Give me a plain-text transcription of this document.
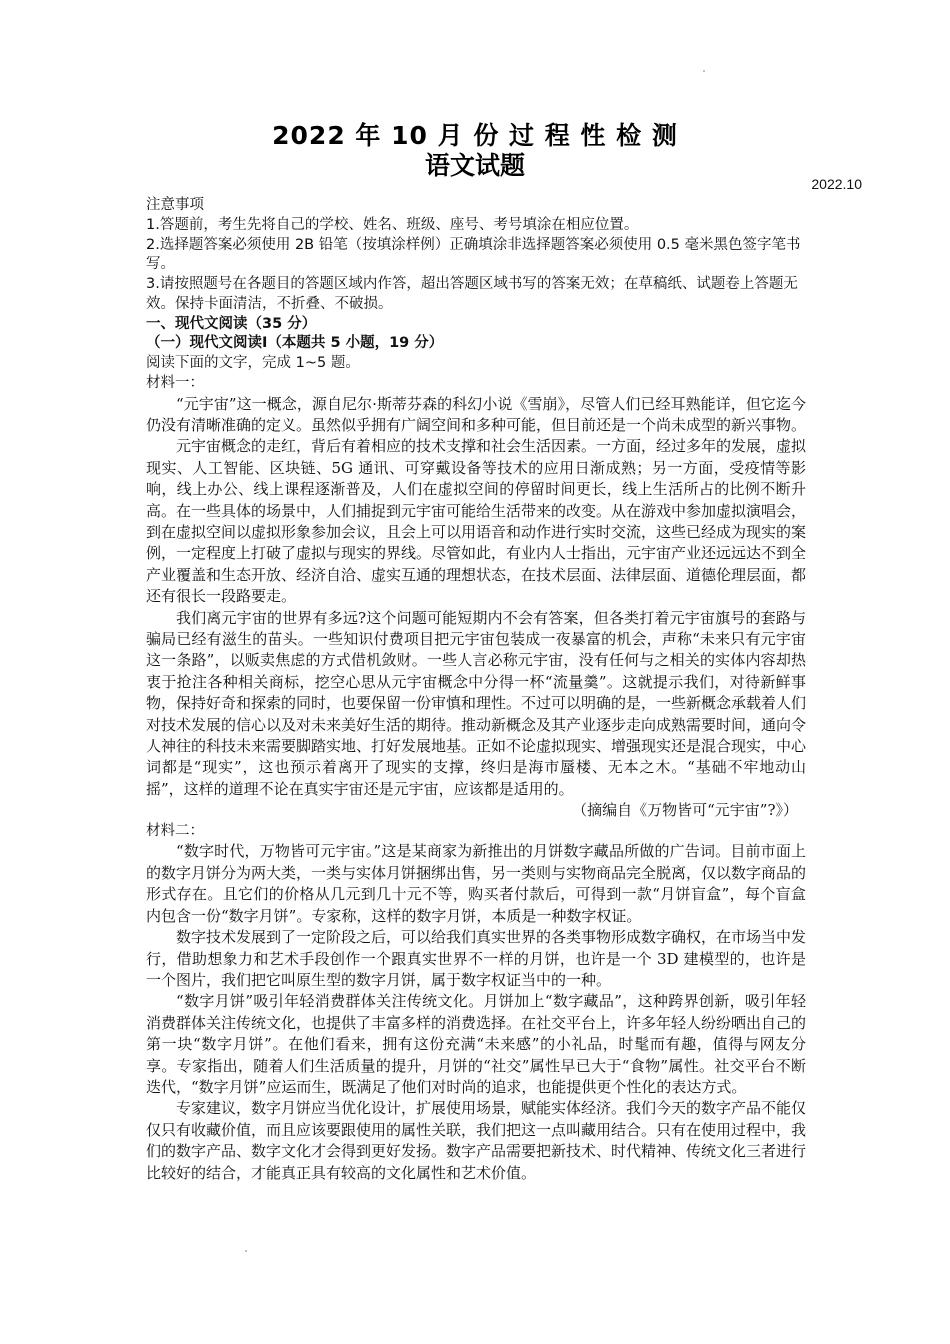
2022 年 10 月 份 过 程 性 检 测
语文试题
2022.10

注意事项

1.答题前，考生先将自己的学校、姓名、班级、座号、考号填涂在相应位置。

2.选择题答案必须使用 2B 铅笔（按填涂样例）正确填涂非选择题答案必须使用 0.5 毫米黑色签字笔书写。

3.请按照题号在各题目的答题区域内作答，超出答题区域书写的答案无效；在草稿纸、试题卷上答题无效。保持卡面清洁，不折叠、不破损。

一、现代文阅读（35 分）

（一）现代文阅读Ⅰ（本题共 5 小题，19 分）

阅读下面的文字，完成 1~5 题。

材料一：

“元宇宙”这一概念，源自尼尔·斯蒂芬森的科幻小说《雪崩》，尽管人们已经耳熟能详，但它迄今仍没有清晰准确的定义。虽然似乎拥有广阔空间和多种可能，但目前还是一个尚未成型的新兴事物。

元宇宙概念的走红，背后有着相应的技术支撑和社会生活因素。一方面，经过多年的发展，虚拟现实、人工智能、区块链、5G 通讯、可穿戴设备等技术的应用日渐成熟；另一方面，受疫情等影响，线上办公、线上课程逐渐普及，人们在虚拟空间的停留时间更长，线上生活所占的比例不断升高。在一些具体的场景中，人们捕捉到元宇宙可能给生活带来的改变。从在游戏中参加虚拟演唱会，到在虚拟空间以虚拟形象参加会议，且会上可以用语音和动作进行实时交流，这些已经成为现实的案例，一定程度上打破了虚拟与现实的界线。尽管如此，有业内人士指出，元宇宙产业还远远达不到全产业覆盖和生态开放、经济自洽、虚实互通的理想状态，在技术层面、法律层面、道德伦理层面，都还有很长一段路要走。

我们离元宇宙的世界有多远?这个问题可能短期内不会有答案，但各类打着元宇宙旗号的套路与骗局已经有滋生的苗头。一些知识付费项目把元宇宙包装成一夜暴富的机会，声称“未来只有元宇宙这一条路”，以贩卖焦虑的方式借机敛财。一些人言必称元宇宙，没有任何与之相关的实体内容却热衷于抢注各种相关商标，挖空心思从元宇宙概念中分得一杯“流量羹”。这就提示我们，对待新鲜事物，保持好奇和探索的同时，也要保留一份审慎和理性。不过可以明确的是，一些新概念承载着人们对技术发展的信心以及对未来美好生活的期待。推动新概念及其产业逐步走向成熟需要时间，通向令人神往的科技未来需要脚踏实地、打好发展地基。正如不论虚拟现实、增强现实还是混合现实，中心词都是“现实”，这也预示着离开了现实的支撑，终归是海市蜃楼、无本之木。“基础不牢地动山摇”，这样的道理不论在真实宇宙还是元宇宙，应该都是适用的。

（摘编自《万物皆可“元宇宙”?》）

材料二：

“数字时代，万物皆可元宇宙。”这是某商家为新推出的月饼数字藏品所做的广告词。目前市面上的数字月饼分为两大类，一类与实体月饼捆绑出售，另一类则与实物商品完全脱离，仅以数字商品的形式存在。且它们的价格从几元到几十元不等，购买者付款后，可得到一款“月饼盲盒”，每个盲盒内包含一份“数字月饼”。专家称，这样的数字月饼，本质是一种数字权证。

数字技术发展到了一定阶段之后，可以给我们真实世界的各类事物形成数字确权，在市场当中发行，借助想象力和艺术手段创作一个跟真实世界不一样的月饼，也许是一个 3D 建模型的，也许是一个图片，我们把它叫原生型的数字月饼，属于数字权证当中的一种。

“数字月饼”吸引年轻消费群体关注传统文化。月饼加上“数字藏品”，这种跨界创新，吸引年轻消费群体关注传统文化，也提供了丰富多样的消费选择。在社交平台上，许多年轻人纷纷晒出自己的第一块“数字月饼”。在他们看来，拥有这份充满“未来感”的小礼品，时髦而有趣，值得与网友分享。专家指出，随着人们生活质量的提升，月饼的“社交”属性早已大于“食物”属性。社交平台不断迭代，“数字月饼”应运而生，既满足了他们对时尚的追求，也能提供更个性化的表达方式。

专家建议，数字月饼应当优化设计，扩展使用场景，赋能实体经济。我们今天的数字产品不能仅仅只有收藏价值，而且应该要跟使用的属性关联，我们把这一点叫藏用结合。只有在使用过程中，我们的数字产品、数字文化才会得到更好发扬。数字产品需要把新技术、时代精神、传统文化三者进行比较好的结合，才能真正具有较高的文化属性和艺术价值。
